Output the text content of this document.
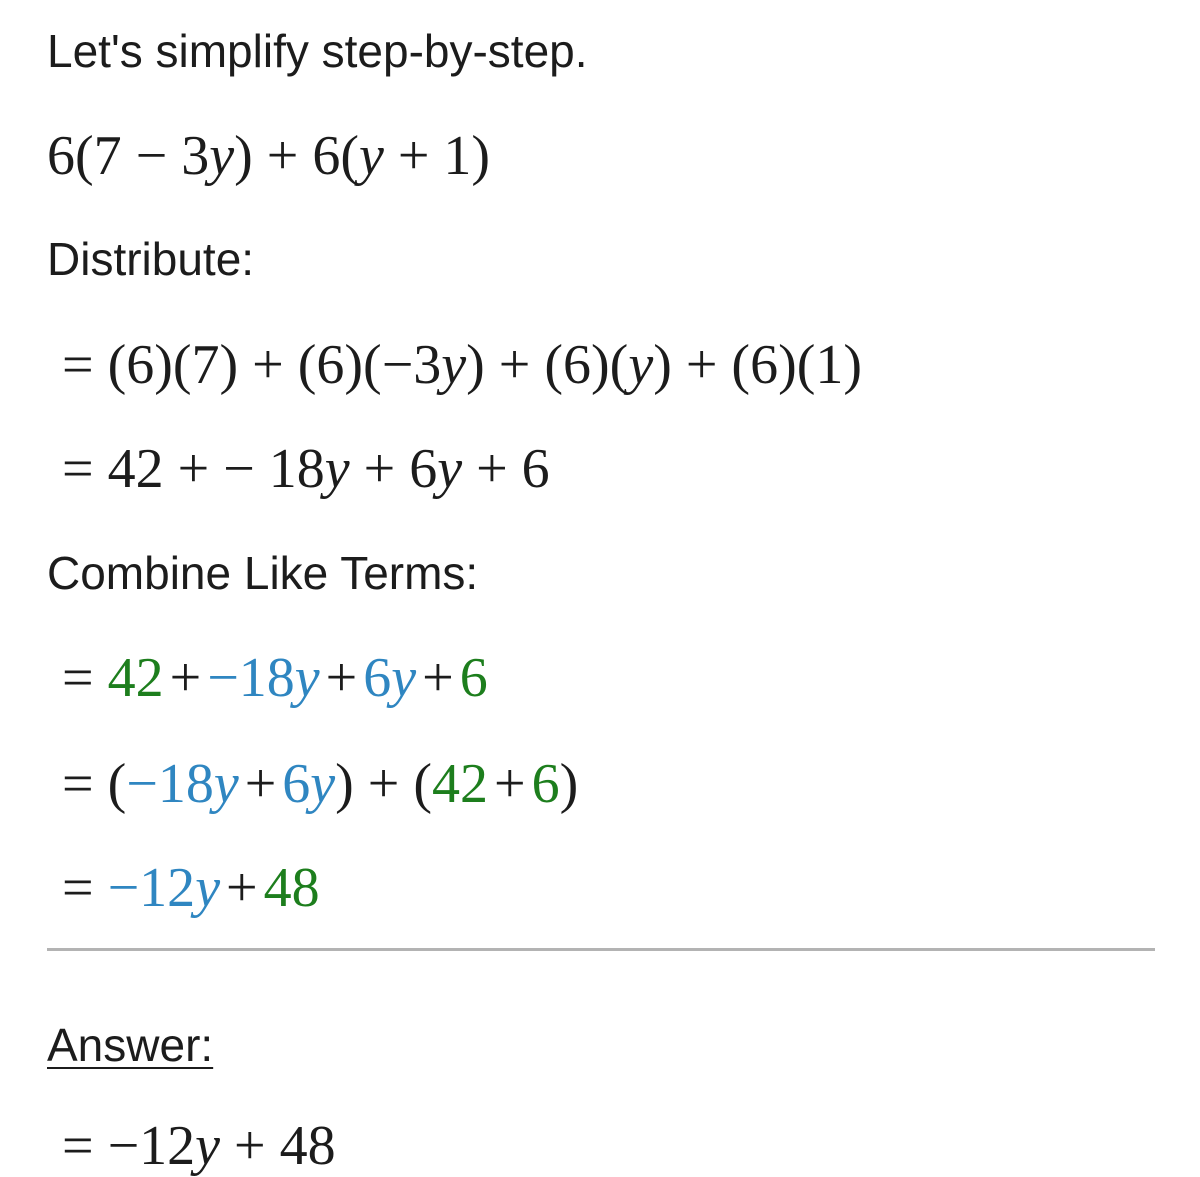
Let's simplify step-by-step.
6(7 − 3y) + 6(y + 1)
Distribute:
= (6)(7) + (6)(−3y) + (6)(y) + (6)(1)
= 42 + − 18y + 6y + 6
Combine Like Terms:
= 42 + −18y + 6y + 6
= (−18y + 6y) + (42 + 6)
= −12y + 48
Answer:
= −12y + 48
